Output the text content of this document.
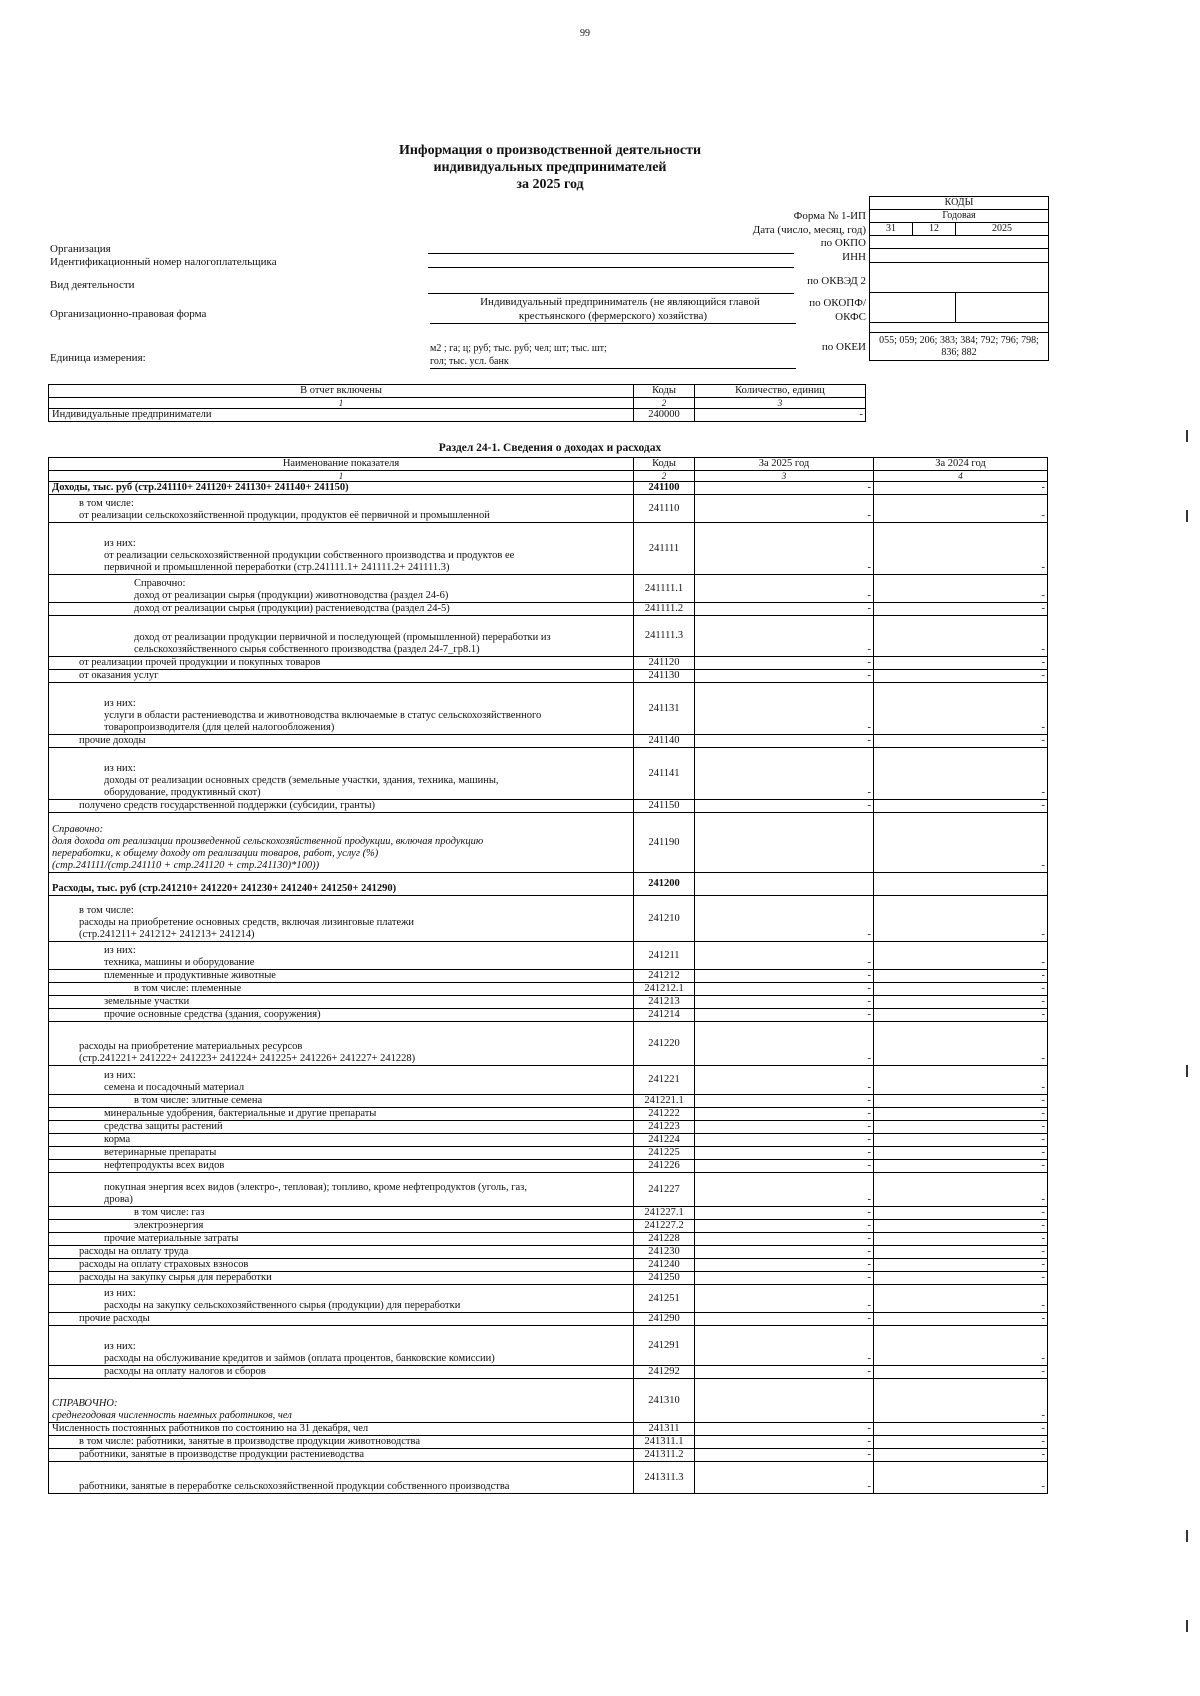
99
Информация о производственной деятельности
индивидуальных предпринимателей
за 2025 год
КОДЫ		
Годовая		
31	12	2025

055; 059; 206; 383; 384; 792; 796; 798; 836; 882		
Форма № 1-ИП
Дата (число, месяц, год)
по ОКПО
ИНН
по ОКВЭД 2
по ОКОПФ/
ОКФС
по ОКЕИ
Организация
Идентификационный номер налогоплательщика
Вид деятельности
Организационно-правовая форма
Единица измерения:
Индивидуальный предприниматель (не являющийся главой
крестьянского (фермерского) хозяйства)
м2 ; га; ц; руб; тыс. руб; чел; шт; тыс. шт;
гол; тыс. усл. банк
В отчет включены	Коды	Количество, единиц
1	2	3
Индивидуальные предприниматели	240000	-
Раздел 24-1. Сведения о доходах и расходах
Наименование показателя	Коды	За 2025 год	За 2024 год
1	2	3	4

Доходы, тыс. руб (стр.241110+ 241120+ 241130+ 241140+ 241150)	241100	-	-

в том числе:
от реализации сельскохозяйственной продукции, продуктов её первичной и промышленной	241110	-	-

из них:
от реализации сельскохозяйственной продукции собственного производства и продуктов ее
первичной и промышленной переработки (стр.241111.1+ 241111.2+ 241111.3)	241111	-	-

Справочно:
доход от реализации сырья (продукции) животноводства (раздел 24-6)	241111.1	-	-

доход от реализации сырья (продукции) растениеводства (раздел 24-5)	241111.2	-	-

доход от реализации продукции первичной и последующей (промышленной) переработки из
сельскохозяйственного сырья собственного производства (раздел 24-7_гр8.1)	241111.3	-	-

от реализации прочей продукции и покупных товаров	241120	-	-

от оказания услуг	241130	-	-

из них:
услуги в области растениеводства и животноводства включаемые в статус сельскохозяйственного
товаропроизводителя (для целей налогообложения)	241131	-	-

прочие доходы	241140	-	-

из них:
доходы от реализации основных средств (земельные участки, здания, техника, машины,
оборудование, продуктивный скот)	241141	-	-

получено средств государственной поддержки (субсидии, гранты)	241150	-	-

Справочно:
доля дохода от реализации произведенной сельскохозяйственной продукции, включая продукцию
переработки, к общему доходу от реализации товаров, работ, услуг (%)
(стр.241111/(стр.241110 + стр.241120 + стр.241130)*100))	241190		-

Расходы, тыс. руб (стр.241210+ 241220+ 241230+ 241240+ 241250+ 241290)	241200		

в том числе:
расходы на приобретение основных средств, включая лизинговые платежи
(стр.241211+ 241212+ 241213+ 241214)	241210	-	-

из них:
техника, машины и оборудование	241211	-	-

племенные и продуктивные животные	241212	-	-

в том числе: племенные	241212.1	-	-

земельные участки	241213	-	-

прочие основные средства (здания, сооружения)	241214	-	-

расходы на приобретение материальных ресурсов
(стр.241221+ 241222+ 241223+ 241224+ 241225+ 241226+ 241227+ 241228)	241220	-	-

из них:
семена и посадочный материал	241221	-	-

в том числе: элитные семена	241221.1	-	-

минеральные удобрения, бактериальные и другие препараты	241222	-	-

средства защиты растений	241223	-	-

корма	241224	-	-

ветеринарные препараты	241225	-	-

нефтепродукты всех видов	241226	-	-

покупная энергия всех видов (электро-, тепловая); топливо, кроме нефтепродуктов (уголь, газ,
дрова)	241227	-	-

в том числе: газ	241227.1	-	-

электроэнергия	241227.2	-	-

прочие материальные затраты	241228	-	-

расходы на оплату труда	241230	-	-

расходы на оплату страховых взносов	241240	-	-

расходы на закупку сырья для переработки	241250	-	-

из них:
расходы на закупку сельскохозяйственного сырья (продукции) для переработки	241251	-	-

прочие расходы	241290	-	-

из них:
расходы на обслуживание кредитов и займов (оплата процентов, банковские комиссии)	241291	-	-

расходы на оплату налогов и сборов	241292	-	-

СПРАВОЧНО:
среднегодовая численность наемных работников, чел	241310		-

Численность постоянных работников по состоянию на 31 декабря, чел	241311	-	-

в том числе: работники, занятые в производстве продукции животноводства	241311.1	-	-

работники, занятые в производстве продукции растениеводства	241311.2	-	-

работники, занятые в переработке сельскохозяйственной продукции собственного производства	241311.3	-	-
